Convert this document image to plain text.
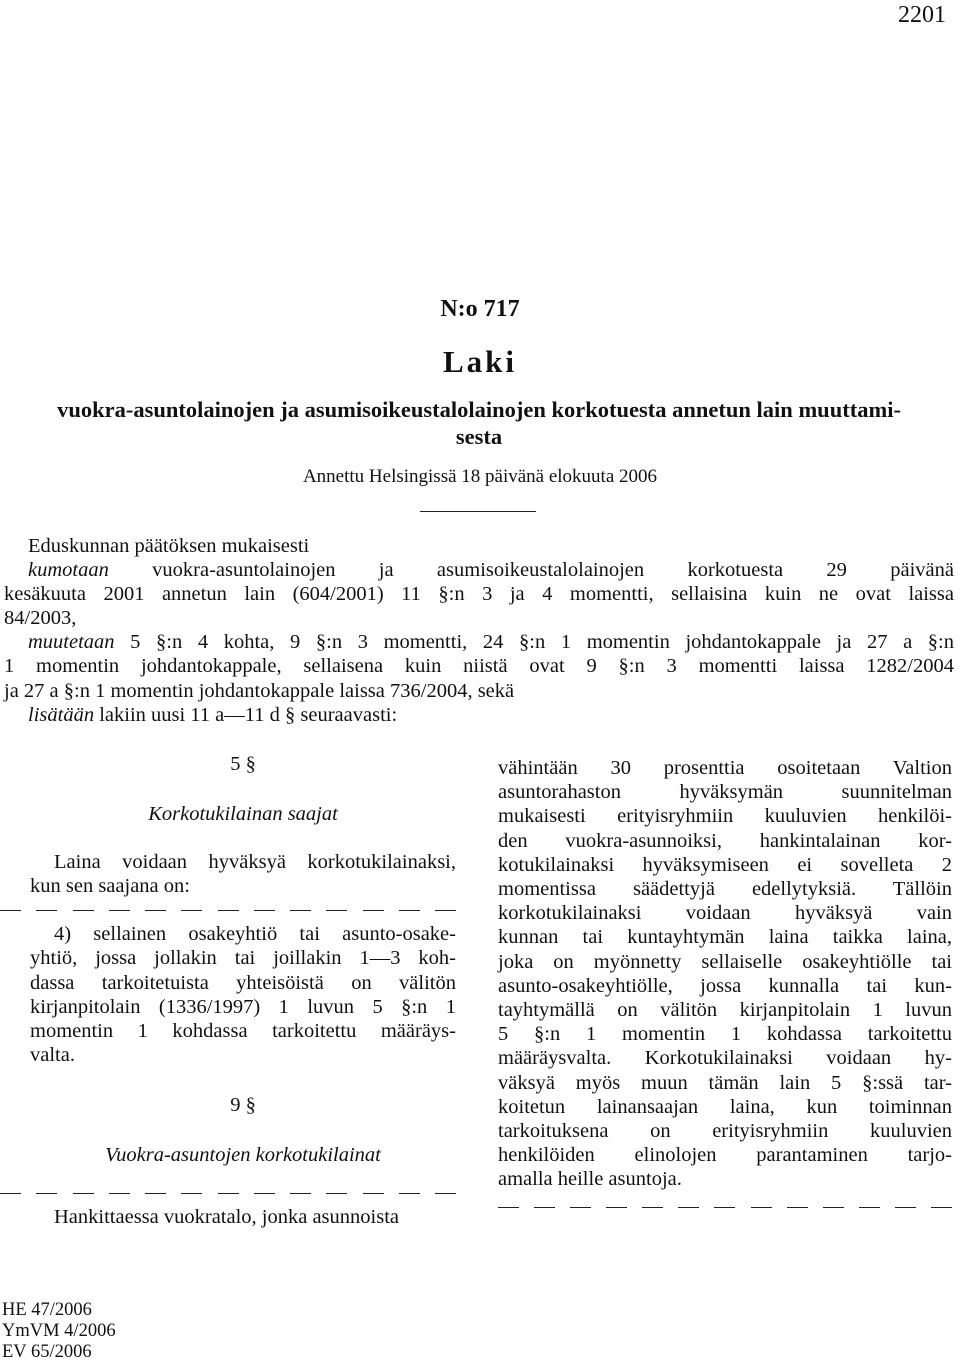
2201
N:o 717
Laki
vuokra-asuntolainojen ja asumisoikeustalolainojen korkotuesta annetun lain muuttami-
sesta
Annettu Helsingissä 18 päivänä elokuuta 2006

Eduskunnan päätöksen mukaisesti

kumotaan vuokra-asuntolainojen ja asumisoikeustalolainojen korkotuesta 29 päivänä

kesäkuuta 2001 annetun lain (604/2001) 11 §:n 3 ja 4 momentti, sellaisina kuin ne ovat laissa

84/2003,

muutetaan 5 §:n 4 kohta, 9 §:n 3 momentti, 24 §:n 1 momentin johdantokappale ja 27 a §:n

1 momentin johdantokappale, sellaisena kuin niistä ovat 9 §:n 3 momentti laissa 1282/2004

ja 27 a §:n 1 momentin johdantokappale laissa 736/2004, sekä

lisätään lakiin uusi 11 a—11 d § seuraavasti:

5 §

Korkotukilainan saajat

Laina voidaan hyväksyä korkotukilainaksi,

kun sen saajana on:

4) sellainen osakeyhtiö tai asunto-osake-

yhtiö, jossa jollakin tai joillakin 1—3 koh-

dassa tarkoitetuista yhteisöistä on välitön

kirjanpitolain (1336/1997) 1 luvun 5 §:n 1

momentin 1 kohdassa tarkoitettu määräys-

valta.

9 §

Vuokra-asuntojen korkotukilainat

Hankittaessa vuokratalo, jonka asunnoista

vähintään 30 prosenttia osoitetaan Valtion

asuntorahaston hyväksymän suunnitelman

mukaisesti erityisryhmiin kuuluvien henkilöi-

den vuokra-asunnoiksi, hankintalainan kor-

kotukilainaksi hyväksymiseen ei sovelleta 2

momentissa säädettyjä edellytyksiä. Tällöin

korkotukilainaksi voidaan hyväksyä vain

kunnan tai kuntayhtymän laina taikka laina,

joka on myönnetty sellaiselle osakeyhtiölle tai

asunto-osakeyhtiölle, jossa kunnalla tai kun-

tayhtymällä on välitön kirjanpitolain 1 luvun

5 §:n 1 momentin 1 kohdassa tarkoitettu

määräysvalta. Korkotukilainaksi voidaan hy-

väksyä myös muun tämän lain 5 §:ssä tar-

koitetun lainansaajan laina, kun toiminnan

tarkoituksena on erityisryhmiin kuuluvien

henkilöiden elinolojen parantaminen tarjo-

amalla heille asuntoja.

HE 47/2006
YmVM 4/2006
EV 65/2006
